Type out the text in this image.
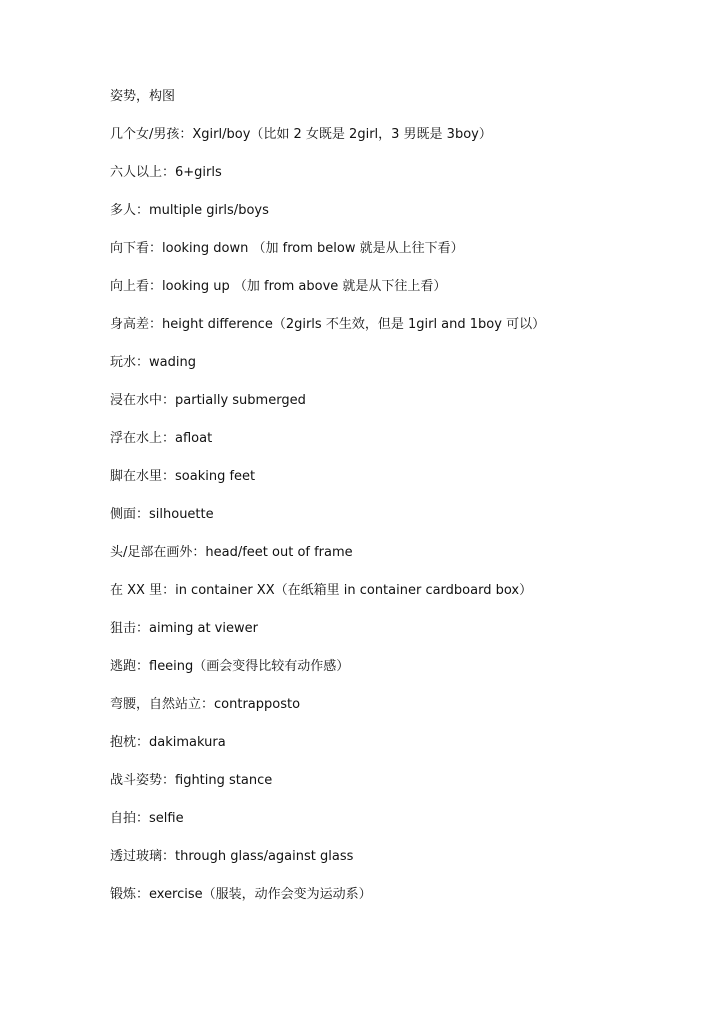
姿势，构图
几个女/男孩：Xgirl/boy（比如 2 女既是 2girl，3 男既是 3boy）
六人以上：6+girls
多人：multiple girls/boys
向下看：looking down （加 from below 就是从上往下看）
向上看：looking up （加 from above 就是从下往上看）
身高差：height difference（2girls 不生效，但是 1girl and 1boy 可以）
玩水：wading
浸在水中：partially submerged
浮在水上：afloat
脚在水里：soaking feet
侧面：silhouette
头/足部在画外：head/feet out of frame
在 XX 里：in container XX（在纸箱里 in container cardboard box）
狙击：aiming at viewer
逃跑：fleeing（画会变得比较有动作感）
弯腰，自然站立：contrapposto
抱枕：dakimakura
战斗姿势：fighting stance
自拍：selfie
透过玻璃：through glass/against glass
锻炼：exercise（服装，动作会变为运动系）
